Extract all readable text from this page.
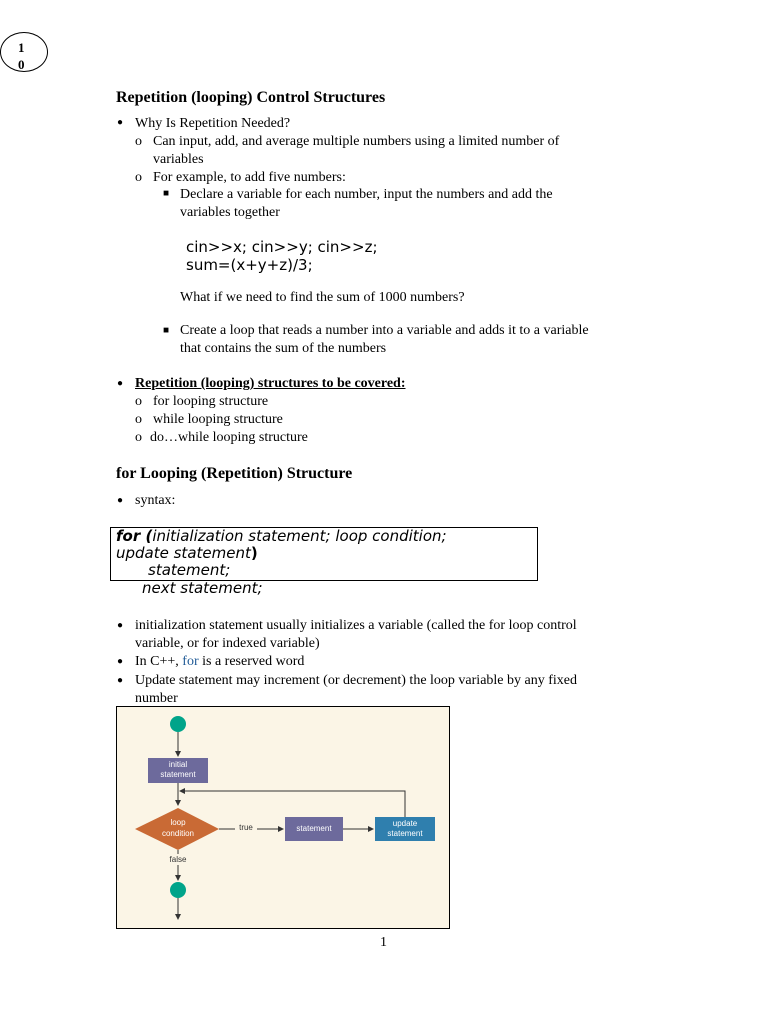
1
0
Repetition (looping) Control Structures
● Why Is Repetition Needed?
o Can input, add, and average multiple numbers using a limited number of
variables
o For example, to add five numbers:
■ Declare a variable for each number, input the numbers and add the
variables together
cin>>x; cin>>y; cin>>z;
sum=(x+y+z)/3;
What if we need to find the sum of 1000 numbers?
■ Create a loop that reads a number into a variable and adds it to a variable
that contains the sum of the numbers
● Repetition (looping) structures to be covered:
o for looping structure
o while looping structure
o do…while looping structure
for Looping (Repetition) Structure
● syntax:
for (initialization statement; loop condition;
update statement)
statement;
next statement;
● initialization statement usually initializes a variable (called the for loop control
variable, or for indexed variable)
● In C++, for is a reserved word
● Update statement may increment (or decrement) the loop variable by any fixed
number
initial
statement
loop
condition
true	statement
update
statement
false
1
